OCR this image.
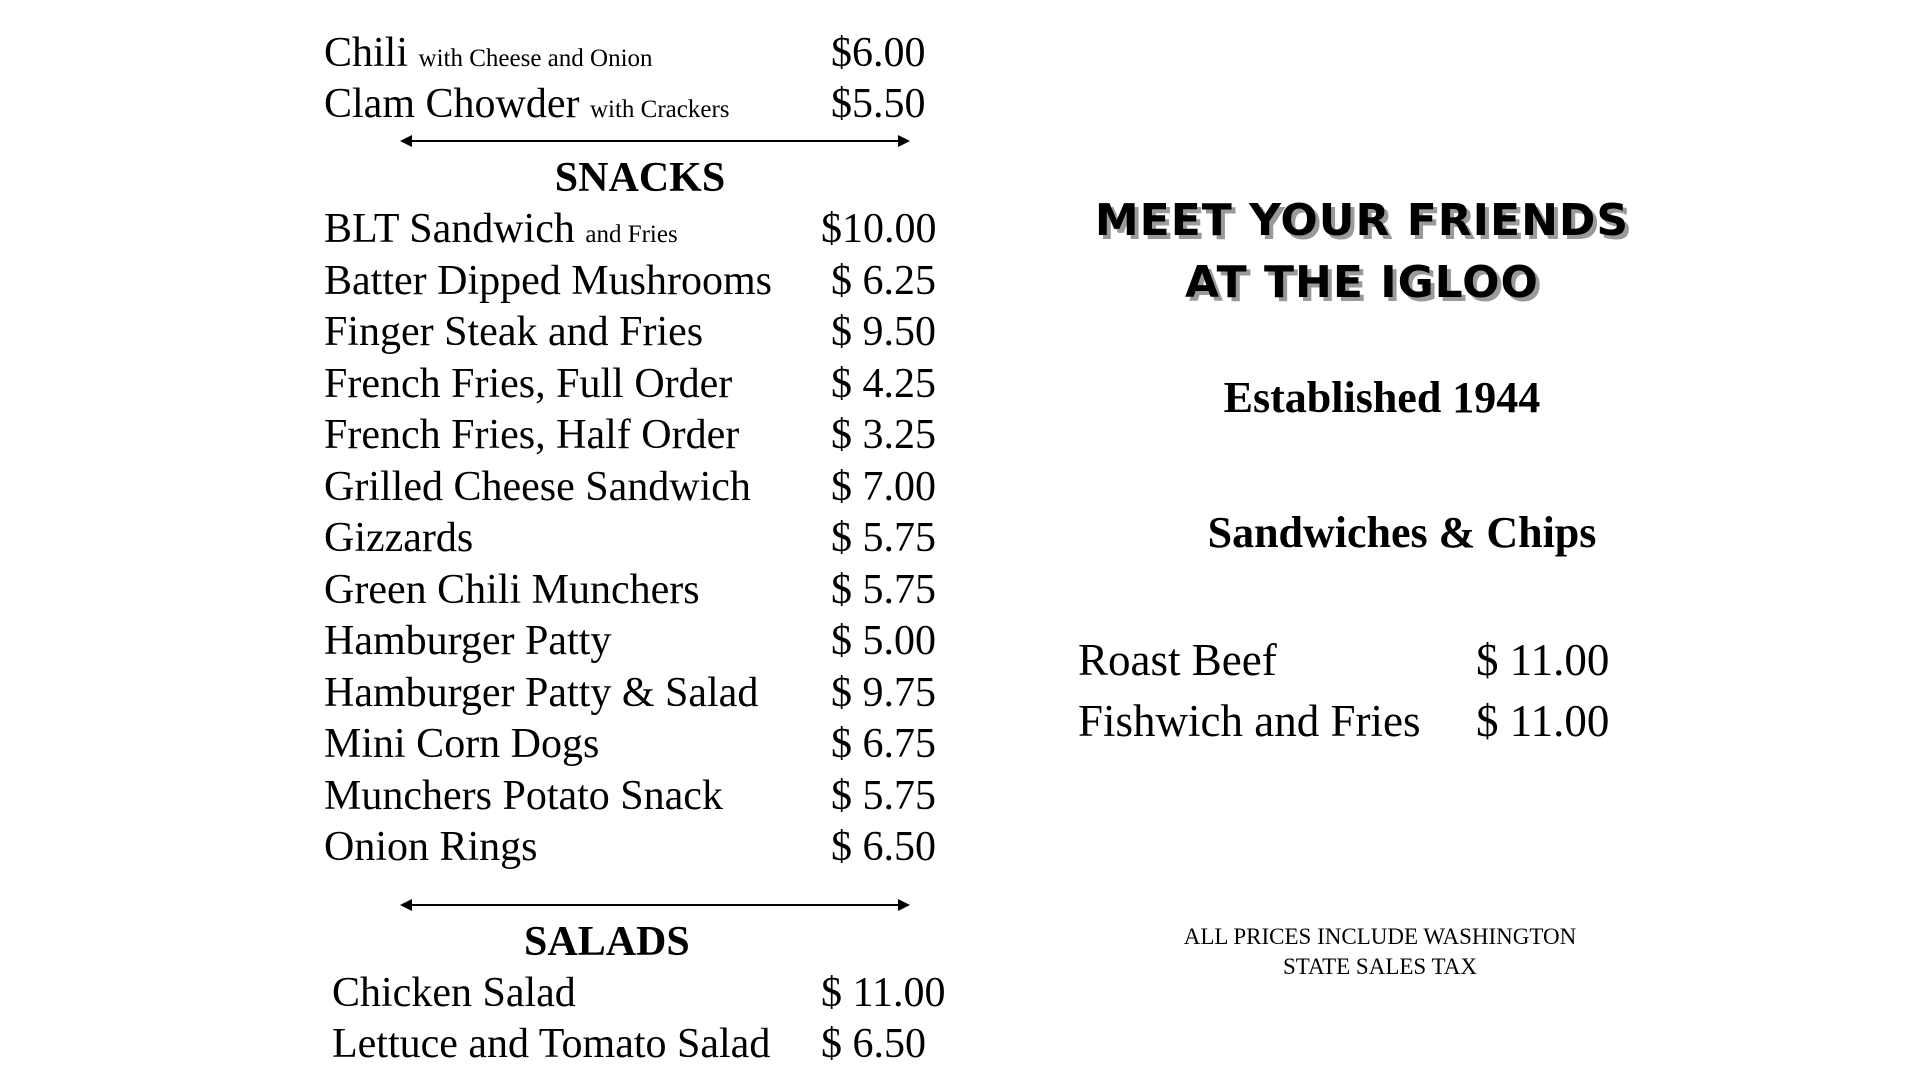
Chili with Cheese and Onion	$6.00
Clam Chowder with Crackers $5.50
SNACKS
BLT Sandwich and Fries	$10.00
Batter Dipped Mushrooms $ 6.25
Finger Steak and Fries	$ 9.50
French Fries, Full Order $ 4.25
French Fries, Half Order $ 3.25
Grilled Cheese Sandwich $ 7.00
Gizzards	$ 5.75
Green Chili Munchers	$ 5.75
Hamburger Patty	$ 5.00
Hamburger Patty & Salad $ 9.75
Mini Corn Dogs	$ 6.75
Munchers Potato Snack	$ 5.75
Onion Rings	$ 6.50
SALADS
Chicken Salad	$ 11.00
Lettuce and Tomato Salad $ 6.50
MEET YOUR FRIENDS
AT THE IGLOO
Established 1944
Sandwiches & Chips
Roast Beef	$ 11.00
Fishwich and Fries $ 11.00
ALL PRICES INCLUDE WASHINGTON
STATE SALES TAX
